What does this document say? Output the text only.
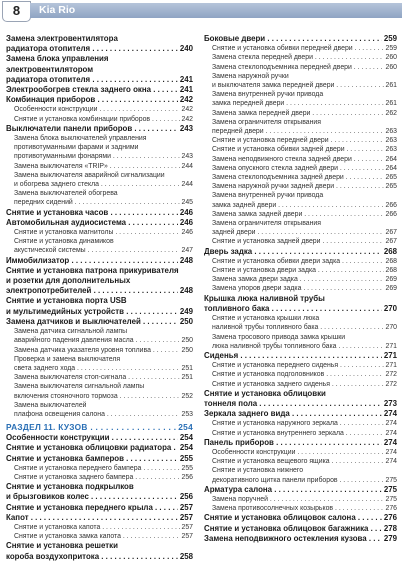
8	Kia Rio
Замена электровентилятора
радиатора отопителя . . .	240
Замена блока управления
электровентилятором
радиатора отопителя . . .	241
Электрообогрев стекла заднего окна . . .	241
Комбинация приборов . . .	242
Особенности конструкции . . .	242
Снятие и установка комбинации приборов . . .	242
Выключатели панели приборов . . .	243
Замена блока выключателей управления
противотуманными фарами и задними
противотуманными фонарями . . .	243
Замена выключателя «TRIP» . . .	244
Замена выключателя аварийной сигнализации
и обогрева заднего стекла . . .	244
Замена выключателей обогрева
передних сидений . . .	245
Снятие и установка часов . . .	246
Автомобильная аудиосистема . . .	246
Снятие и установка магнитолы . . .	246
Снятие и установка динамиков
акустической системы . . .	247
Иммобилизатор . . .	248
Снятие и установка патрона прикуривателя
и розетки для дополнительных
электропотребителей . . .	248
Снятие и установка порта USB
и мультимедийных устройств . . .	249
Замена датчиков и выключателей . . .	250
Замена датчика сигнальной лампы
аварийного падения давления масла . . .	250
Замена датчика указателя уровня топлива . . .	250
Проверка и замена выключателя
света заднего хода . . .	251
Замена выключателя стоп-сигнала . . .	251
Замена выключателя сигнальной лампы
включения стояночного тормоза . . .	252
Замена выключателей
плафона освещения салона . . .	253
РАЗДЕЛ 11. КУЗОВ . . .	254
Особенности конструкции . . .	254
Снятие и установка облицовки радиатора . . .	254
Снятие и установка бамперов . . .	255
Снятие и установка переднего бампера . . .	255
Снятие и установка заднего бампера . . .	256
Снятие и установка подкрылков
и брызговиков колес . . .	256
Снятие и установка переднего крыла . . .	257
Капот . . .	257
Снятие и установка капота . . .	257
Снятие и установка замка капота . . .	257
Снятие и установка решетки
короба воздухопритока . . .	258
Боковые двери . . .	259
Снятие и установка обивки передней двери . . .	259
Замена стекла передней двери . . .	260
Замена стеклоподъемника передней двери . . .	260
Замена наружной ручки
и выключателя замка передней двери . . .	261
Замена внутренней ручки привода
замка передней двери . . .	261
Замена замка передней двери . . .	262
Замена ограничителя открывания
передней двери . . .	263
Снятие и установка передней двери . . .	263
Снятие и установка обивки задней двери . . .	263
Замена неподвижного стекла задней двери . . .	264
Замена опускного стекла задней двери . . .	264
Замена стеклоподъемника задней двери . . .	265
Замена наружной ручки задней двери . . .	265
Замена внутренней ручки привода
замка задней двери . . .	266
Замена замка задней двери . . .	266
Замена ограничителя открывания
задней двери . . .	267
Снятие и установка задней двери . . .	267
Дверь задка . . .	268
Снятие и установка обивки двери задка . . .	268
Снятие и установка двери задка . . .	268
Замена замка двери задка . . .	269
Замена упоров двери задка . . .	269
Крышка люка наливной трубы
топливного бака . . .	270
Снятие и установка крышки люка
наливной трубы топливного бака . . .	270
Замена тросового привода замка крышки
люка наливной трубы топливного бака . . .	271
Сиденья . . .	271
Снятие и установка переднего сиденья . . .	271
Снятие и установка подголовников . . .	272
Снятие и установка заднего сиденья . . .	272
Снятие и установка облицовки
тоннеля пола . . .	273
Зеркала заднего вида . . .	274
Снятие и установка наружного зеркала . . .	274
Снятие и установка внутреннего зеркала . . .	274
Панель приборов . . .	274
Особенности конструкции . . .	274
Снятие и установка вещевого ящика . . .	274
Снятие и установка нижнего
декоративного щитка панели приборов . . .	275
Арматура салона . . .	275
Замена поручней . . .	275
Замена противосолнечных козырьков . . .	276
Снятие и установка облицовок салона . . .	276
Снятие и установка облицовок багажника . . .	278
Замена неподвижного остекления кузова . . .	279
